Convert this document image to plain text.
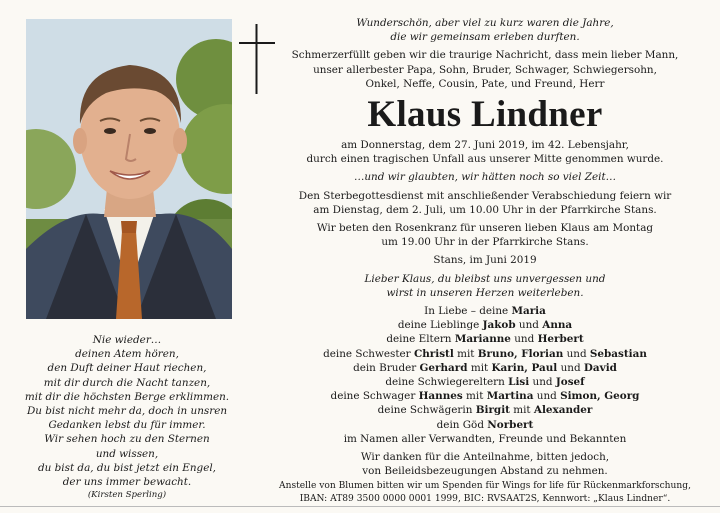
Wunderschön, aber viel zu kurz waren die Jahre,

die wir gemeinsam erleben durften.

Schmerzerfüllt geben wir die traurige Nachricht, dass mein lieber Mann,

unser allerbester Papa, Sohn, Bruder, Schwager, Schwiegersohn,

Onkel, Neffe, Cousin, Pate, und Freund, Herr

Klaus Lindner

am Donnerstag, dem 27. Juni 2019, im 42. Lebensjahr,

durch einen tragischen Unfall aus unserer Mitte genommen wurde.

…und wir glaubten, wir hätten noch so viel Zeit…

Den Sterbegottesdienst mit anschließender Verabschiedung feiern wir

am Dienstag, dem 2. Juli, um 10.00 Uhr in der Pfarrkirche Stans.

Wir beten den Rosenkranz für unseren lieben Klaus am Montag

um 19.00 Uhr in der Pfarrkirche Stans.

Stans, im Juni 2019

Lieber Klaus, du bleibst uns unvergessen und

wirst in unseren Herzen weiterleben.

In Liebe – deine Maria

deine Lieblinge Jakob und Anna

deine Eltern Marianne und Herbert

deine Schwester Christl mit Bruno, Florian und Sebastian

dein Bruder Gerhard mit Karin, Paul und David

deine Schwiegereltern Lisi und Josef

deine Schwager Hannes mit Martina und Simon, Georg

deine Schwägerin Birgit mit Alexander

dein Göd Norbert

im Namen aller Verwandten, Freunde und Bekannten

Wir danken für die Anteilnahme, bitten jedoch,

von Beileidsbezeugungen Abstand zu nehmen.

Anstelle von Blumen bitten wir um Spenden für Wings for life für Rückenmarkforschung,

IBAN: AT89 3500 0000 0001 1999, BIC: RVSAAT2S, Kennwort: „Klaus Lindner“.

Nie wieder…

deinen Atem hören,

den Duft deiner Haut riechen,

mit dir durch die Nacht tanzen,

mit dir die höchsten Berge erklimmen.

Du bist nicht mehr da, doch in unsren

Gedanken lebst du für immer.

Wir sehen hoch zu den Sternen

und wissen,

du bist da, du bist jetzt ein Engel,

der uns immer bewacht.

(Kirsten Sperling)
